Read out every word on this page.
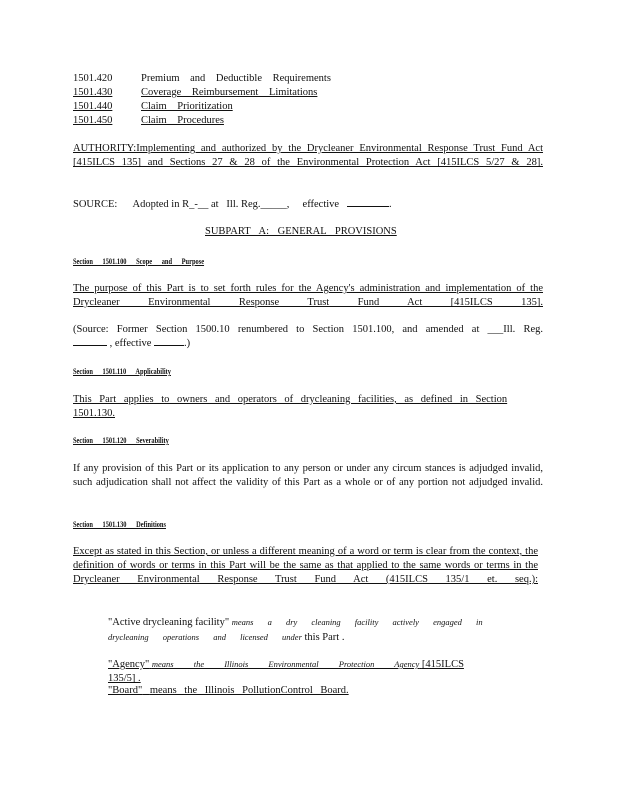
1501.420	Premium and Deductible Requirements
1501.430	Coverage Reimbursement Limitations
1501.440	Claim Prioritization
1501.450	Claim Procedures
AUTHORITY:Implementing and authorized by the Drycleaner Environmental Response Trust Fund Act [415ILCS 135] and Sections 27 & 28 of the Environmental Protection Act [415ILCS 5/27 & 28].
SOURCE: Adopted in R_-__ at Ill. Reg._____, effective	.
SUBPART A: GENERAL PROVISIONS
Section 1501.100 Scope and Purpose
The purpose of this Part is to set forth rules for the Agency's administration and implementation of the Drycleaner Environmental Response Trust Fund Act [415ILCS 135].
(Source: Former Section 1500.10 renumbered to Section 1501.100, and amended at ___Ill. Reg.
, effective	.)
Section 1501.110 Applicability
This Part applies to owners and operators of drycleaning facilities, as defined in Section 1501.130.
Section 1501.120 Severability
If any provision of this Part or its application to any person or under any circum stances is adjudged invalid, such adjudication shall not affect the validity of this Part as a whole or of any portion not adjudged invalid.
Section 1501.130 Definitions
Except as stated in this Section, or unless a different meaning of a word or term is clear from the context, the definition of words or terms in this Part will be the same as that applied to the same words or terms in the Drycleaner Environmental Response Trust Fund Act (415ILCS 135/1 et. seq.):
"Active drycleaning facility" means a dry cleaning facility actively engaged in drycleaning operations and licensed under this Part .
"Agency" means the Illinois Environmental Protection Agency [415ILCS 135/5] .
"Board" means the Illinois PollutionControl Board.
